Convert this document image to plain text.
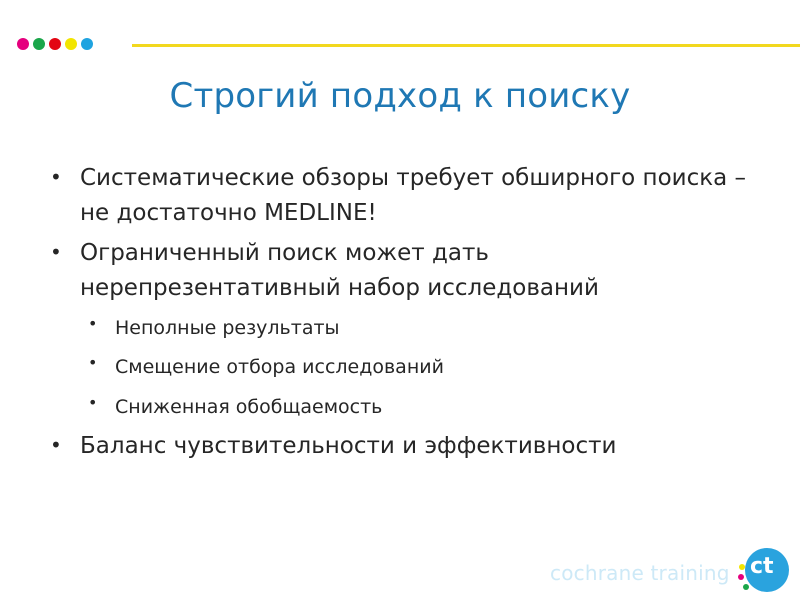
Строгий подход к поиску
• Систематические обзоры требует обширного поиска –

не достаточно MEDLINE!

• Ограниченный поиск может дать

нерепрезентативный набор исследований

• Неполные результаты

• Смещение отбора исследований

• Сниженная обобщаемость

• Баланс чувствительности и эффективности

cochrane training ct
